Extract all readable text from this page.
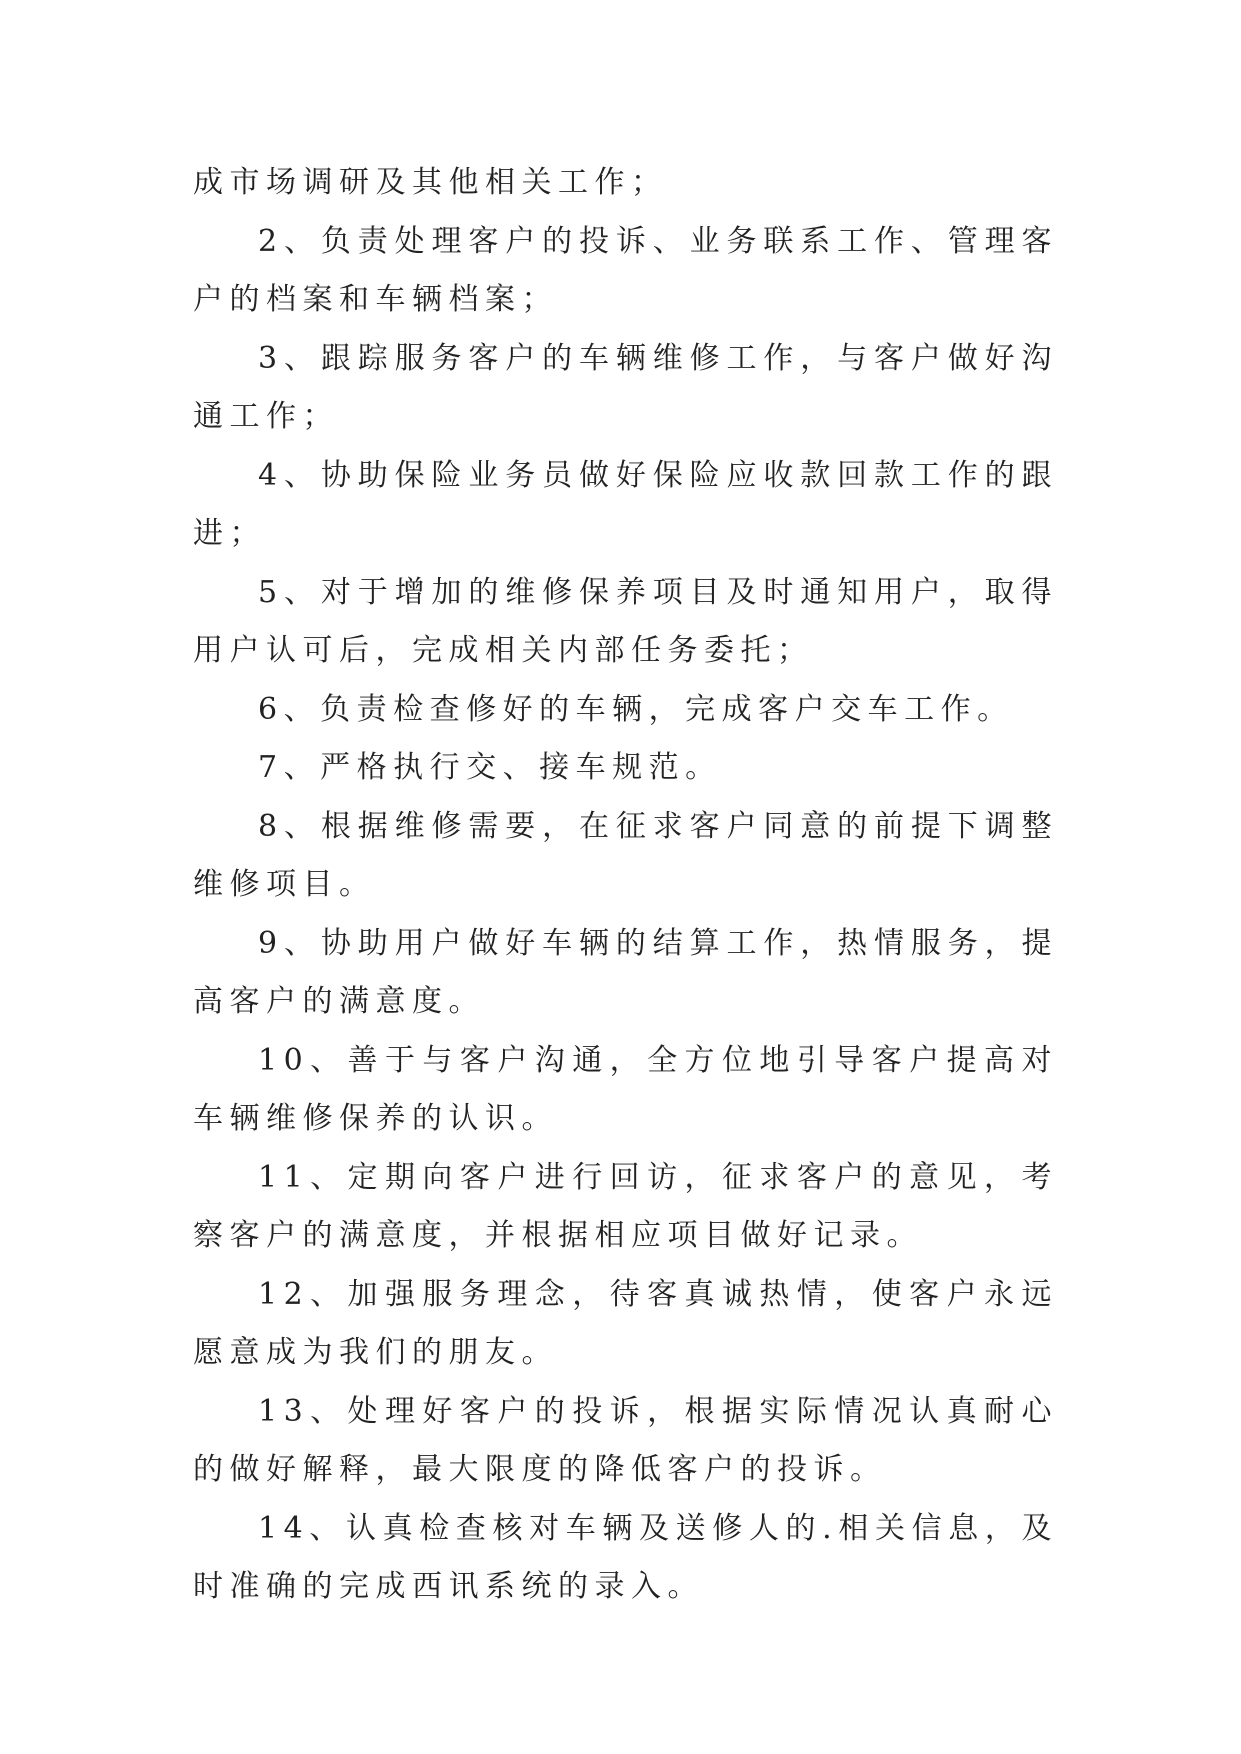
成市场调研及其他相关工作；

2、负责处理客户的投诉、业务联系工作、管理客户的档案和车辆档案；

3、跟踪服务客户的车辆维修工作，与客户做好沟通工作；

4、协助保险业务员做好保险应收款回款工作的跟进；

5、对于增加的维修保养项目及时通知用户，取得用户认可后，完成相关内部任务委托；

6、负责检查修好的车辆，完成客户交车工作。

7、严格执行交、接车规范。

8、根据维修需要，在征求客户同意的前提下调整维修项目。

9、协助用户做好车辆的结算工作，热情服务，提高客户的满意度。

10、善于与客户沟通，全方位地引导客户提高对车辆维修保养的认识。

11、定期向客户进行回访，征求客户的意见，考察客户的满意度，并根据相应项目做好记录。

12、加强服务理念，待客真诚热情，使客户永远愿意成为我们的朋友。

13、处理好客户的投诉，根据实际情况认真耐心的做好解释，最大限度的降低客户的投诉。

14、认真检查核对车辆及送修人的.相关信息，及时准确的完成西讯系统的录入。
